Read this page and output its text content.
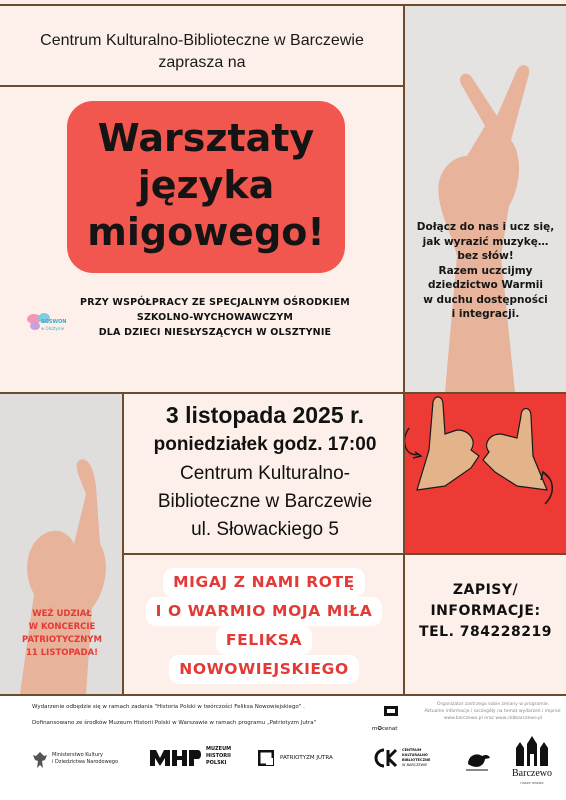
Centrum Kulturalno-Biblioteczne w Barczewie
zaprasza na
Warsztaty
języka
migowego!
SOSWON
w Olsztynie
PRZY WSPÓŁPRACY ZE SPECJALNYM OŚRODKIEM
SZKOLNO-WYCHOWAWCZYM
DLA DZIECI NIESŁYSZĄCYCH W OLSZTYNIE
Dołącz do nas i ucz się,
jak wyrazić muzykę…
bez słów!
Razem uczcijmy
dziedzictwo Warmii
w duchu dostępności
i integracji.
WEŹ UDZIAŁ
W KONCERCIE
PATRIOTYCZNYM
11 LISTOPADA!
3 listopada 2025 r.
poniedziałek godz. 17:00
Centrum Kulturalno-
Biblioteczne w Barczewie
ul. Słowackiego 5
MIGAJ Z NAMI ROTĘ
I O WARMIO MOJA MIŁA
FELIKSA
NOWOWIEJSKIEGO
ZAPISY/
INFORMACJE:
TEL. 784228219
Wydarzenie odbędzie się w ramach zadania "Historia Polski w twórczości Feliksa Nowowiejskiego" .
Dofinansowano ze środków Muzeum Historii Polski w Warszawie w ramach programu „Patriotyzm Jutra"
Organizator zastrzega sobie zmiany w programie.
Aktualne informacje i szczegóły na temat wydarzeń i imprez:
www.barczewo.pl oraz www.ckbbarczewo.pl
Ministerstwo Kultury
i Dziedzictwa Narodowego
MUZEUM
HISTORII
POLSKI
PATRIOTYZM JUTRA
m✪cenat
CENTRUM
KULTURALNO
BIBLIOTECZNE
W BARCZEWIE
Barczewo
nasze miasto
